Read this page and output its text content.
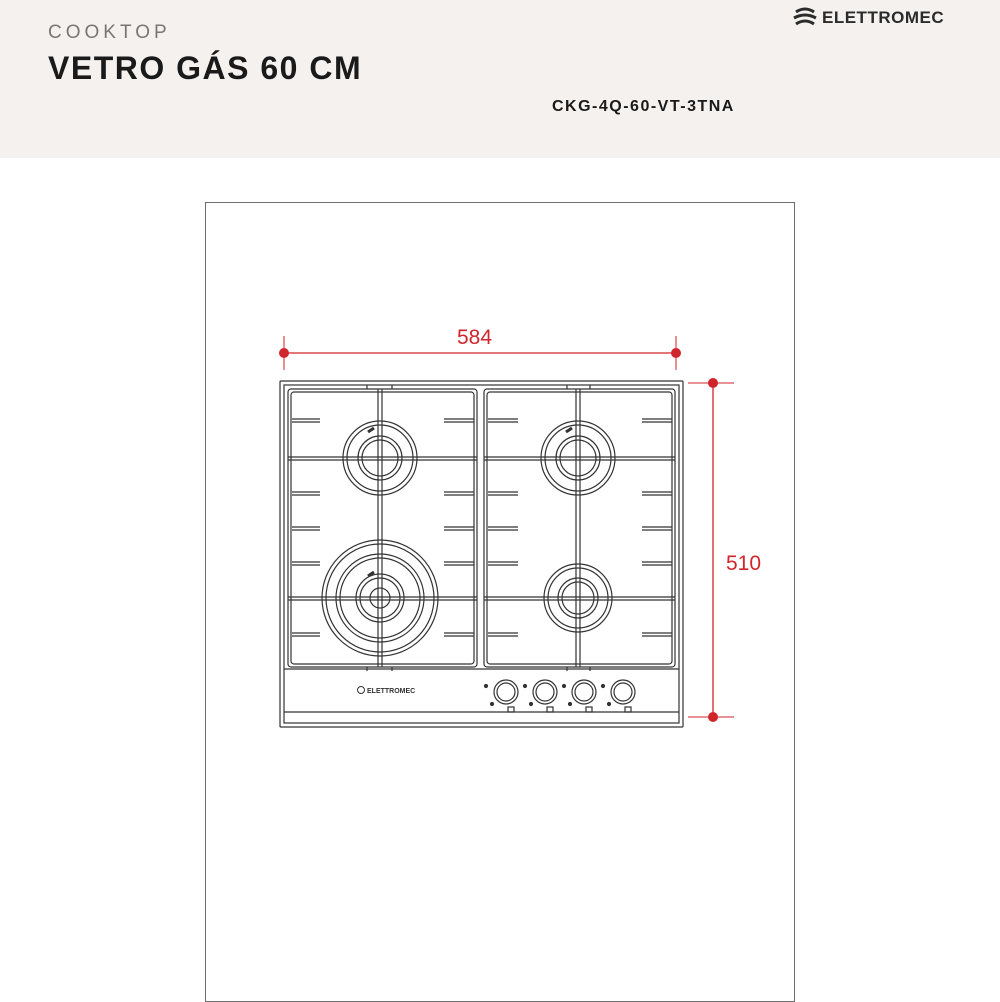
COOKTOP
VETRO GÁS 60 CM
CKG-4Q-60-VT-3TNA
ELETTROMEC
ELETTROMEC
584
510
